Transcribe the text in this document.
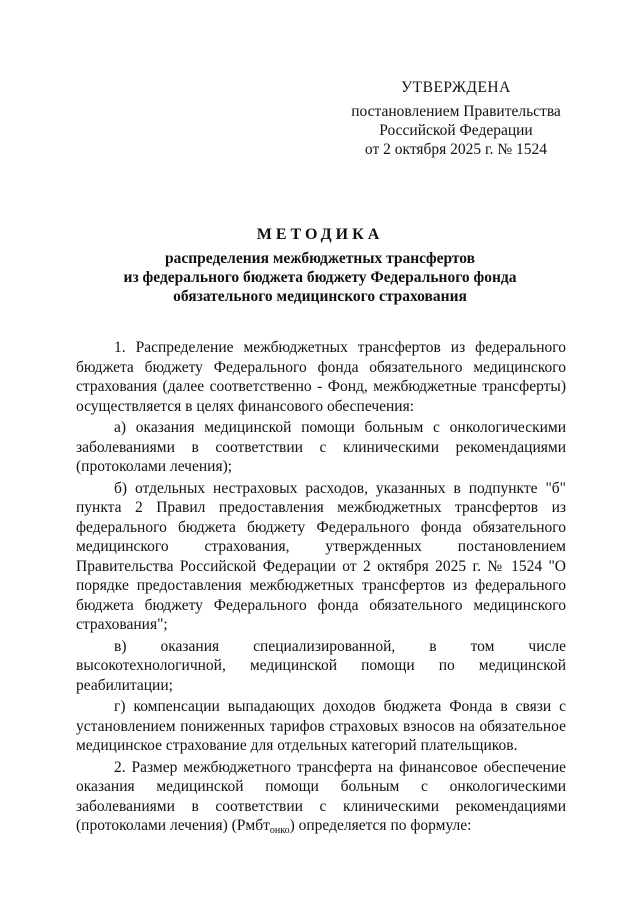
УТВЕРЖДЕНА
постановлением Правительства
Российской Федерации
от 2 октября 2025 г. № 1524
МЕТОДИКА
распределения межбюджетных трансфертов
из федерального бюджета бюджету Федерального фонда
обязательного медицинского страхования

1. Распределение межбюджетных трансфертов из федерального бюджета бюджету Федерального фонда обязательного медицинского страхования (далее соответственно - Фонд, межбюджетные трансферты) осуществляется в целях финансового обеспечения:

а) оказания медицинской помощи больным с онкологическими заболеваниями в соответствии с клиническими рекомендациями (протоколами лечения);

б) отдельных нестраховых расходов, указанных в подпункте "б" пункта 2 Правил предоставления межбюджетных трансфертов из федерального бюджета бюджету Федерального фонда обязательного медицинского страхования, утвержденных постановлением Правительства Российской Федерации от 2 октября 2025 г. № 1524 "О порядке предоставления межбюджетных трансфертов из федерального бюджета бюджету Федерального фонда обязательного медицинского страхования";

в) оказания специализированной, в том числе высокотехнологичной, медицинской помощи по медицинской реабилитации;

г) компенсации выпадающих доходов бюджета Фонда в связи с установлением пониженных тарифов страховых взносов на обязательное медицинское страхование для отдельных категорий плательщиков.

2. Размер межбюджетного трансферта на финансовое обеспечение оказания медицинской помощи больным с онкологическими заболеваниями в соответствии с клиническими рекомендациями (протоколами лечения) (Рмбт$_{онко}$) определяется по формуле:
